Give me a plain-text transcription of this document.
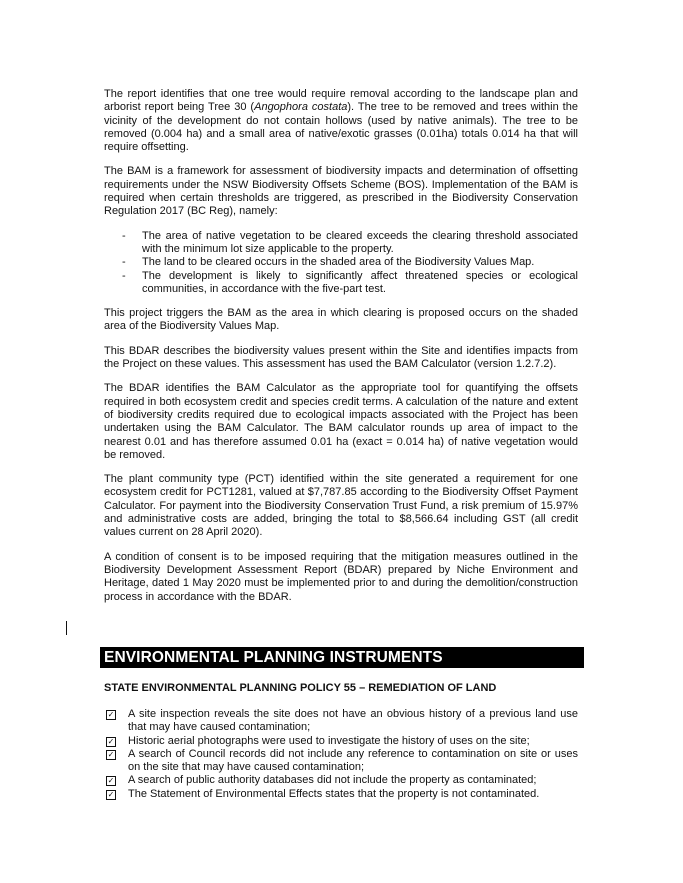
The report identifies that one tree would require removal according to the landscape plan and arborist report being Tree 30 (Angophora costata). The tree to be removed and trees within the vicinity of the development do not contain hollows (used by native animals). The tree to be removed (0.004 ha) and a small area of native/exotic grasses (0.01ha) totals 0.014 ha that will require offsetting.

The BAM is a framework for assessment of biodiversity impacts and determination of offsetting requirements under the NSW Biodiversity Offsets Scheme (BOS). Implementation of the BAM is required when certain thresholds are triggered, as prescribed in the Biodiversity Conservation Regulation 2017 (BC Reg), namely:

- The area of native vegetation to be cleared exceeds the clearing threshold associated with the minimum lot size applicable to the property.
- The land to be cleared occurs in the shaded area of the Biodiversity Values Map.
- The development is likely to significantly affect threatened species or ecological communities, in accordance with the five-part test.

This project triggers the BAM as the area in which clearing is proposed occurs on the shaded area of the Biodiversity Values Map.

This BDAR describes the biodiversity values present within the Site and identifies impacts from the Project on these values. This assessment has used the BAM Calculator (version 1.2.7.2).

The BDAR identifies the BAM Calculator as the appropriate tool for quantifying the offsets required in both ecosystem credit and species credit terms. A calculation of the nature and extent of biodiversity credits required due to ecological impacts associated with the Project has been undertaken using the BAM Calculator. The BAM calculator rounds up area of impact to the nearest 0.01 and has therefore assumed 0.01 ha (exact = 0.014 ha) of native vegetation would be removed.

The plant community type (PCT) identified within the site generated a requirement for one ecosystem credit for PCT1281, valued at $7,787.85 according to the Biodiversity Offset Payment Calculator. For payment into the Biodiversity Conservation Trust Fund, a risk premium of 15.97% and administrative costs are added, bringing the total to $8,566.64 including GST (all credit values current on 28 April 2020).

A condition of consent is to be imposed requiring that the mitigation measures outlined in the Biodiversity Development Assessment Report (BDAR) prepared by Niche Environment and Heritage, dated 1 May 2020 must be implemented prior to and during the demolition/construction process in accordance with the BDAR.

ENVIRONMENTAL PLANNING INSTRUMENTS
STATE ENVIRONMENTAL PLANNING POLICY 55 – REMEDIATION OF LAND
✓
A site inspection reveals the site does not have an obvious history of a previous land use that may have caused contamination;
✓
Historic aerial photographs were used to investigate the history of uses on the site;
✓
A search of Council records did not include any reference to contamination on site or uses on the site that may have caused contamination;
✓
A search of public authority databases did not include the property as contaminated;
✓
The Statement of Environmental Effects states that the property is not contaminated.
